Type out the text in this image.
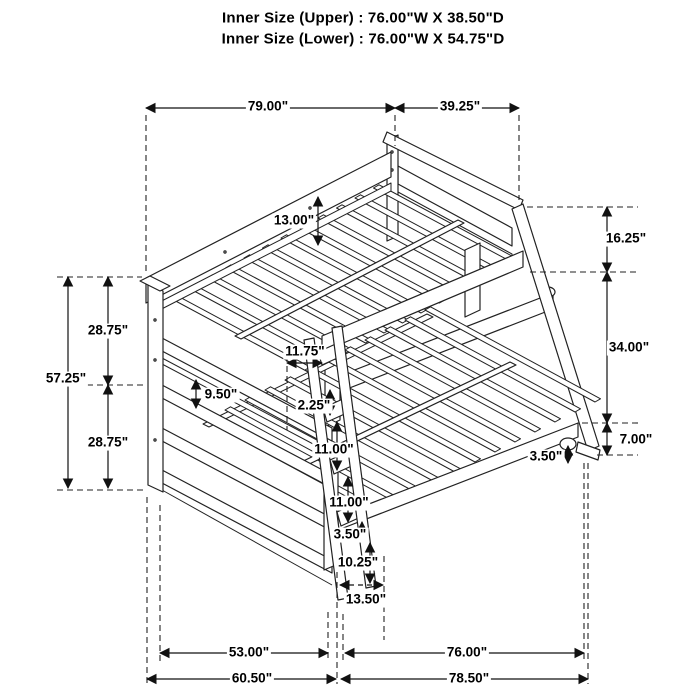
Inner Size (Upper) : 76.00"W X 38.50"D
Inner Size (Lower) : 76.00"W X 54.75"D
79.00"	39.25"
16.25"
34.00"
7.00"
3.50"
57.25"
28.75"
28.75"
13.00"
11.75"
9.50"
2.25"
11.00"
11.00"
3.50"
10.25"
13.50"
53.00"	76.00"
60.50"	78.50"
